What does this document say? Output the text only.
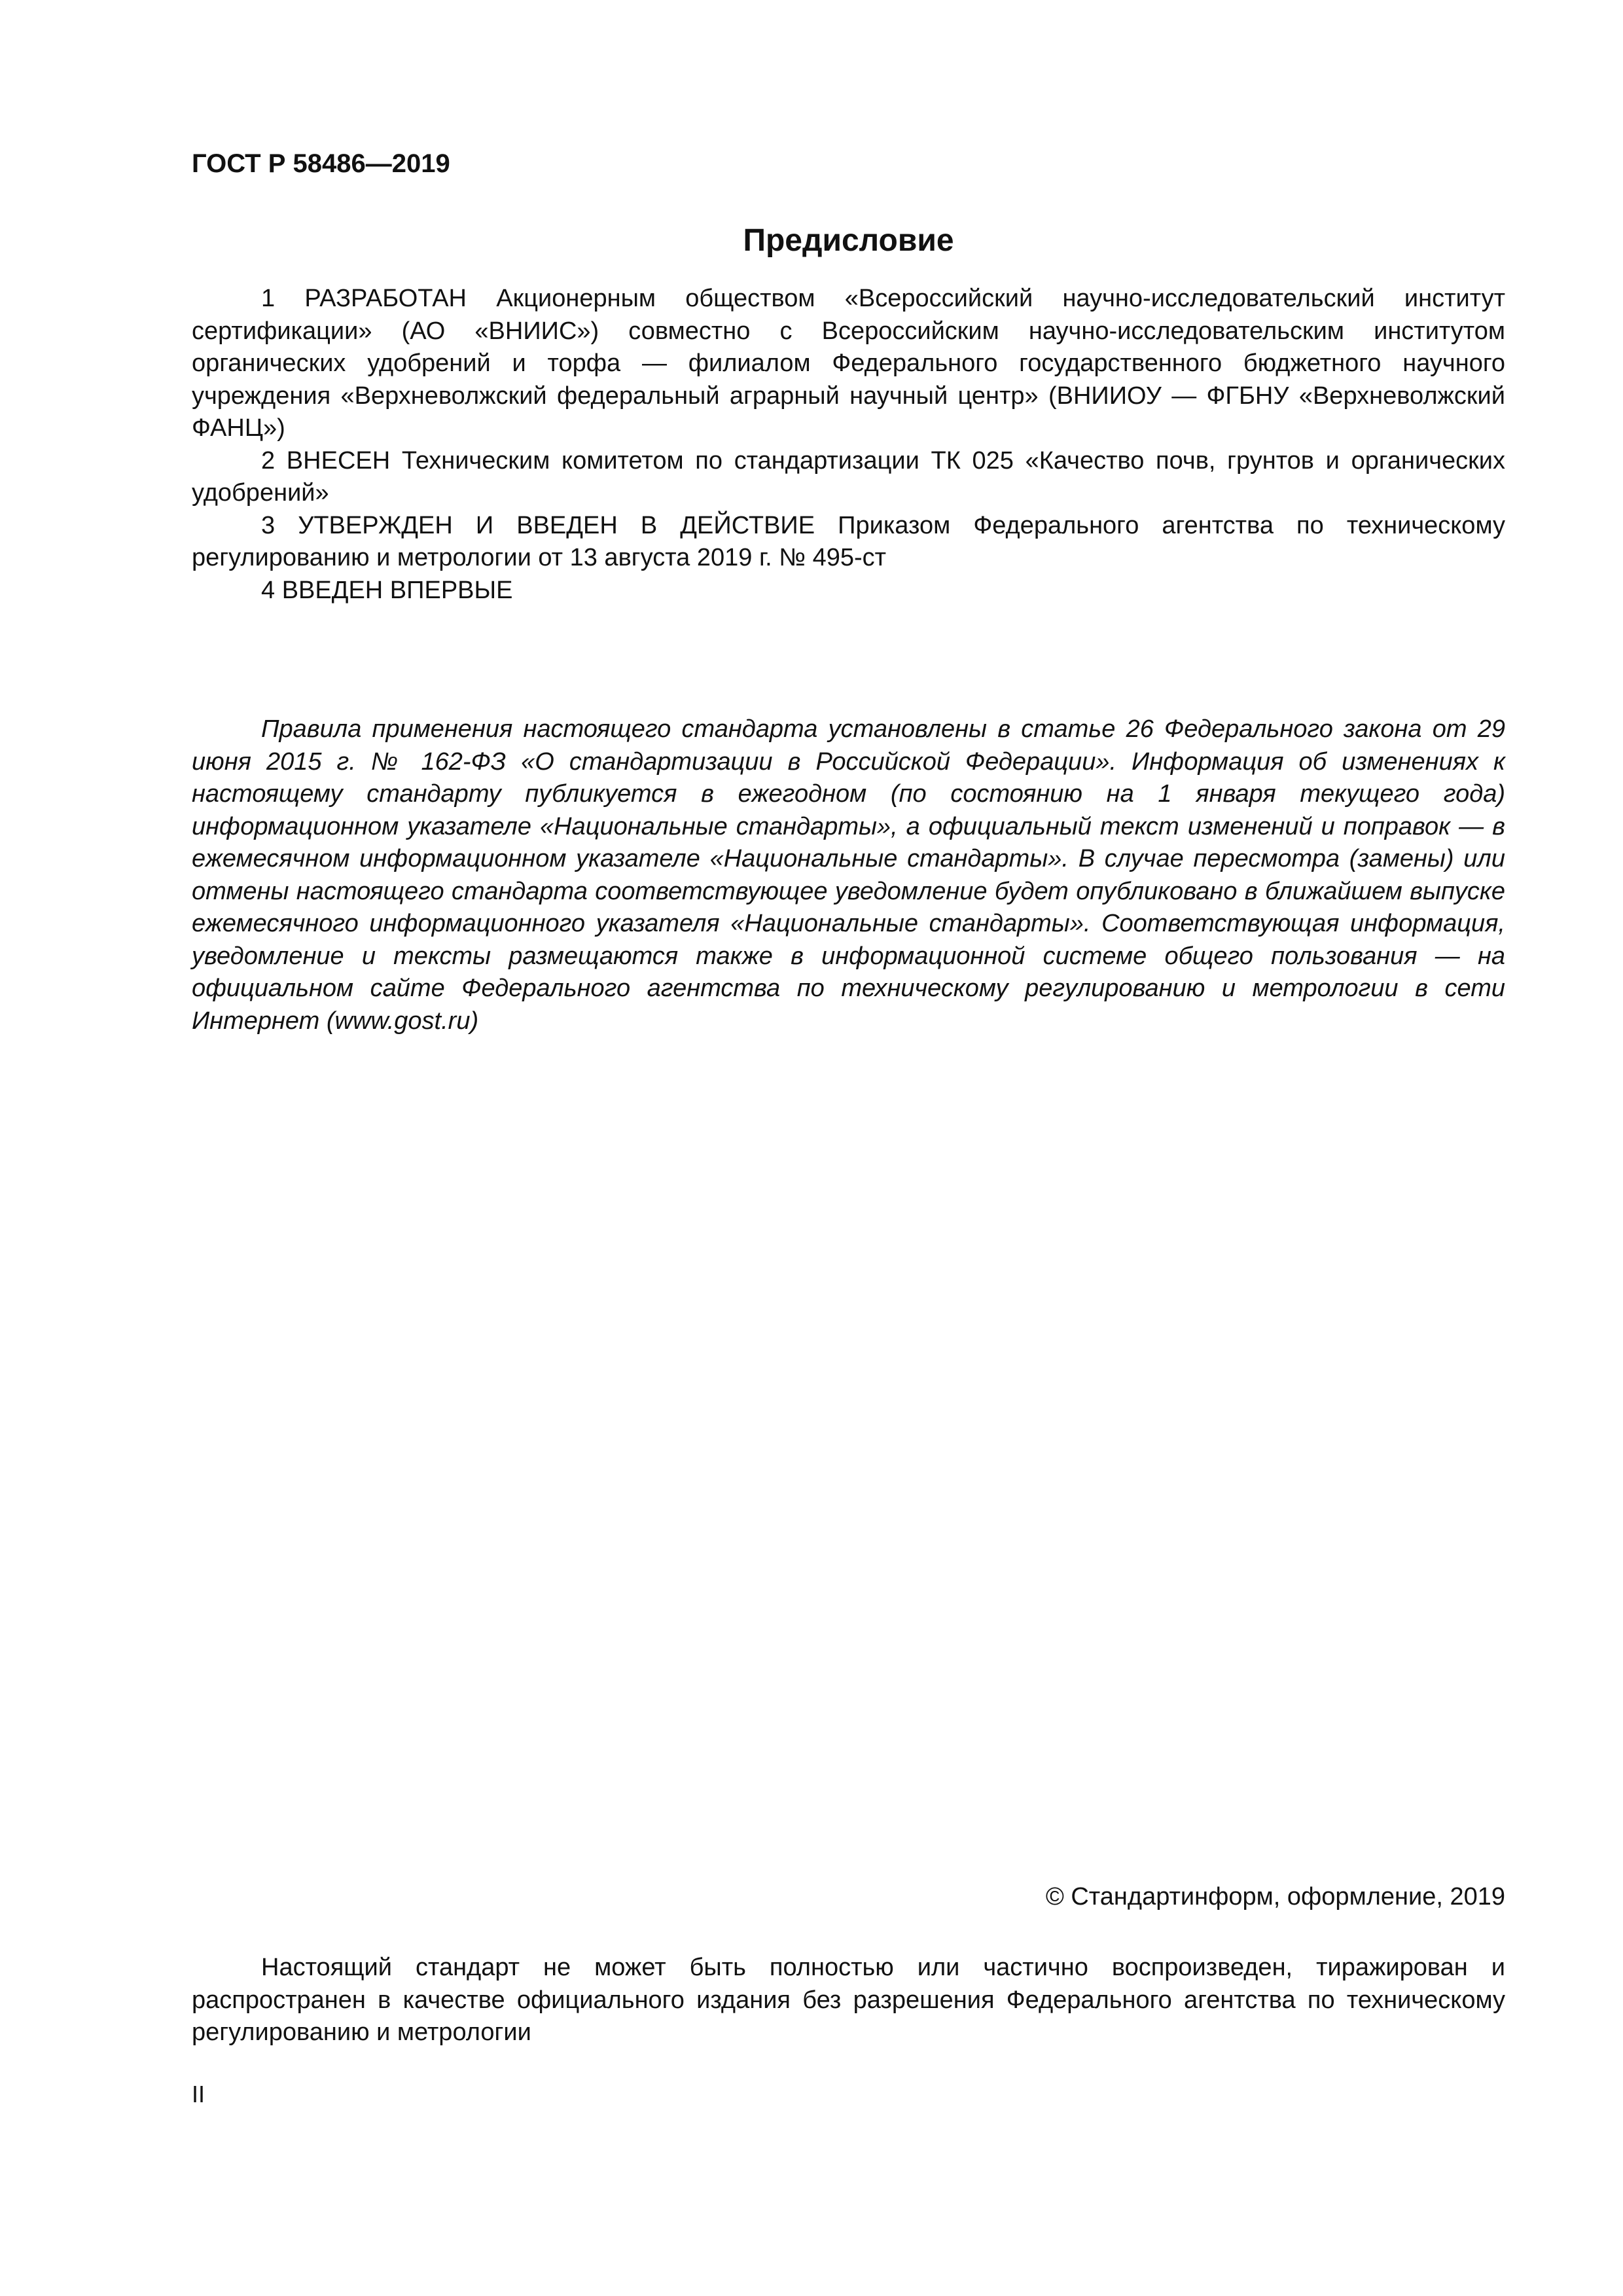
ГОСТ Р 58486—2019
Предисловие

1 РАЗРАБОТАН Акционерным обществом «Всероссийский научно-исследовательский институт сертификации» (АО «ВНИИС») совместно с Всероссийским научно-исследовательским институтом органических удобрений и торфа — филиалом Федерального государственного бюджетного научного учреждения «Верхневолжский федеральный аграрный научный центр» (ВНИИОУ — ФГБНУ «Верхневолжский ФАНЦ»)

2 ВНЕСЕН Техническим комитетом по стандартизации ТК 025 «Качество почв, грунтов и органических удобрений»

3 УТВЕРЖДЕН И ВВЕДЕН В ДЕЙСТВИЕ Приказом Федерального агентства по техническому регулированию и метрологии от 13 августа 2019 г. № 495-ст

4 ВВЕДЕН ВПЕРВЫЕ

Правила применения настоящего стандарта установлены в статье 26 Федерального закона от 29 июня 2015 г. № 162-ФЗ «О стандартизации в Российской Федерации». Информация об изменениях к настоящему стандарту публикуется в ежегодном (по состоянию на 1 января текущего года) информационном указателе «Национальные стандарты», а официальный текст изменений и поправок — в ежемесячном информационном указателе «Национальные стандарты». В случае пересмотра (замены) или отмены настоящего стандарта соответствующее уведомление будет опубликовано в ближайшем выпуске ежемесячного информационного указателя «Национальные стандарты». Соответствующая информация, уведомление и тексты размещаются также в информационной системе общего пользования — на официальном сайте Федерального агентства по техническому регулированию и метрологии в сети Интернет (www.gost.ru)

© Стандартинформ, оформление, 2019

Настоящий стандарт не может быть полностью или частично воспроизведен, тиражирован и распространен в качестве официального издания без разрешения Федерального агентства по техническому регулированию и метрологии

II
